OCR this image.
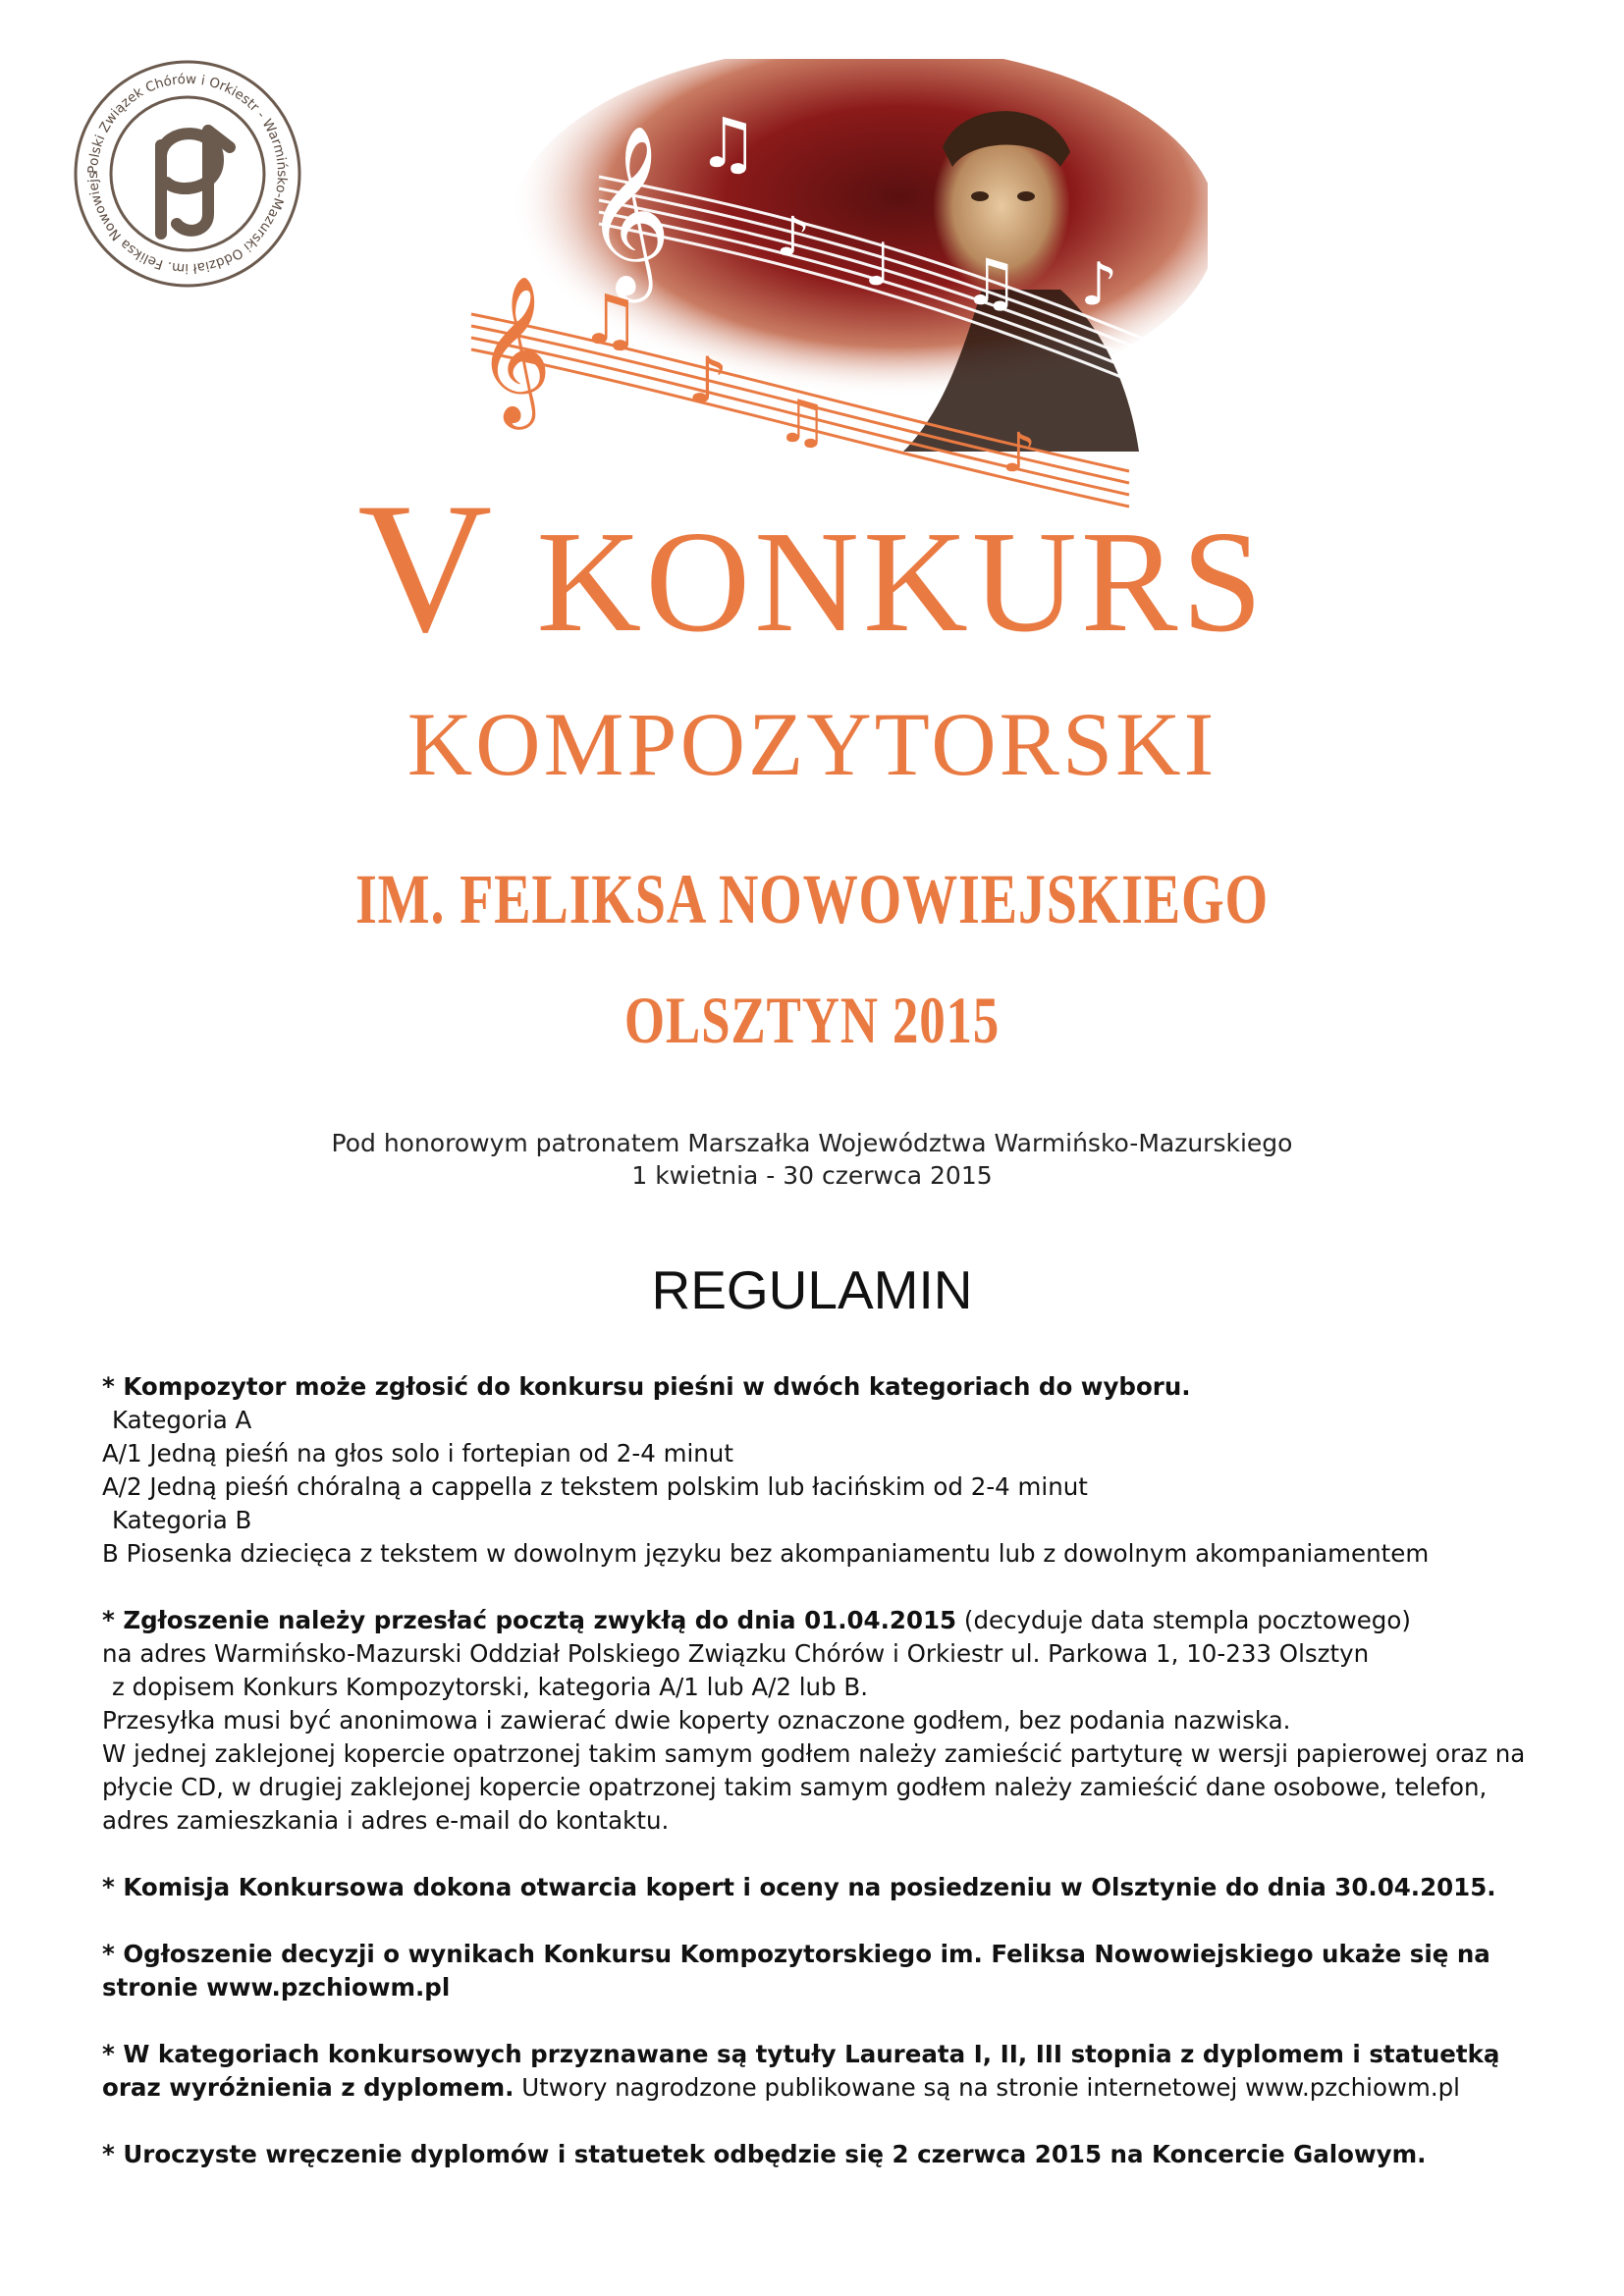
Polski Związek Chórów i Orkiestr - Warmińsko-Mazurski Oddział im. Feliksa Nowowiejs	𝄞
𝄞
♫
♪ ♩ ♫ ♪
♫
♪
♫	♪
V KONKURS
KOMPOZYTORSKI
IM. FELIKSA NOWOWIEJSKIEGO
OLSZTYN 2015
Pod honorowym patronatem Marszałka Województwa Warmińsko-Mazurskiego
1 kwietnia - 30 czerwca 2015
REGULAMIN

* Kompozytor może zgłosić do konkursu pieśni w dwóch kategoriach do wyboru.

Kategoria A

A/1 Jedną pieśń na głos solo i fortepian od 2-4 minut

A/2 Jedną pieśń chóralną a cappella z tekstem polskim lub łacińskim od 2-4 minut

Kategoria B

B Piosenka dziecięca z tekstem w dowolnym języku bez akompaniamentu lub z dowolnym akompaniamentem

* Zgłoszenie należy przesłać pocztą zwykłą do dnia 01.04.2015 (decyduje data stempla pocztowego)

na adres Warmińsko-Mazurski Oddział Polskiego Związku Chórów i Orkiestr ul. Parkowa 1, 10-233 Olsztyn

z dopisem Konkurs Kompozytorski, kategoria A/1 lub A/2 lub B.

Przesyłka musi być anonimowa i zawierać dwie koperty oznaczone godłem, bez podania nazwiska.

W jednej zaklejonej kopercie opatrzonej takim samym godłem należy zamieścić partyturę w wersji papierowej oraz na

płycie CD, w drugiej zaklejonej kopercie opatrzonej takim samym godłem należy zamieścić dane osobowe, telefon,

adres zamieszkania i adres e-mail do kontaktu.

* Komisja Konkursowa dokona otwarcia kopert i oceny na posiedzeniu w Olsztynie do dnia 30.04.2015.

* Ogłoszenie decyzji o wynikach Konkursu Kompozytorskiego im. Feliksa Nowowiejskiego ukaże się na

stronie www.pzchiowm.pl

* W kategoriach konkursowych przyznawane są tytuły Laureata I, II, III stopnia z dyplomem i statuetką

oraz wyróżnienia z dyplomem. Utwory nagrodzone publikowane są na stronie internetowej www.pzchiowm.pl

* Uroczyste wręczenie dyplomów i statuetek odbędzie się 2 czerwca 2015 na Koncercie Galowym.
